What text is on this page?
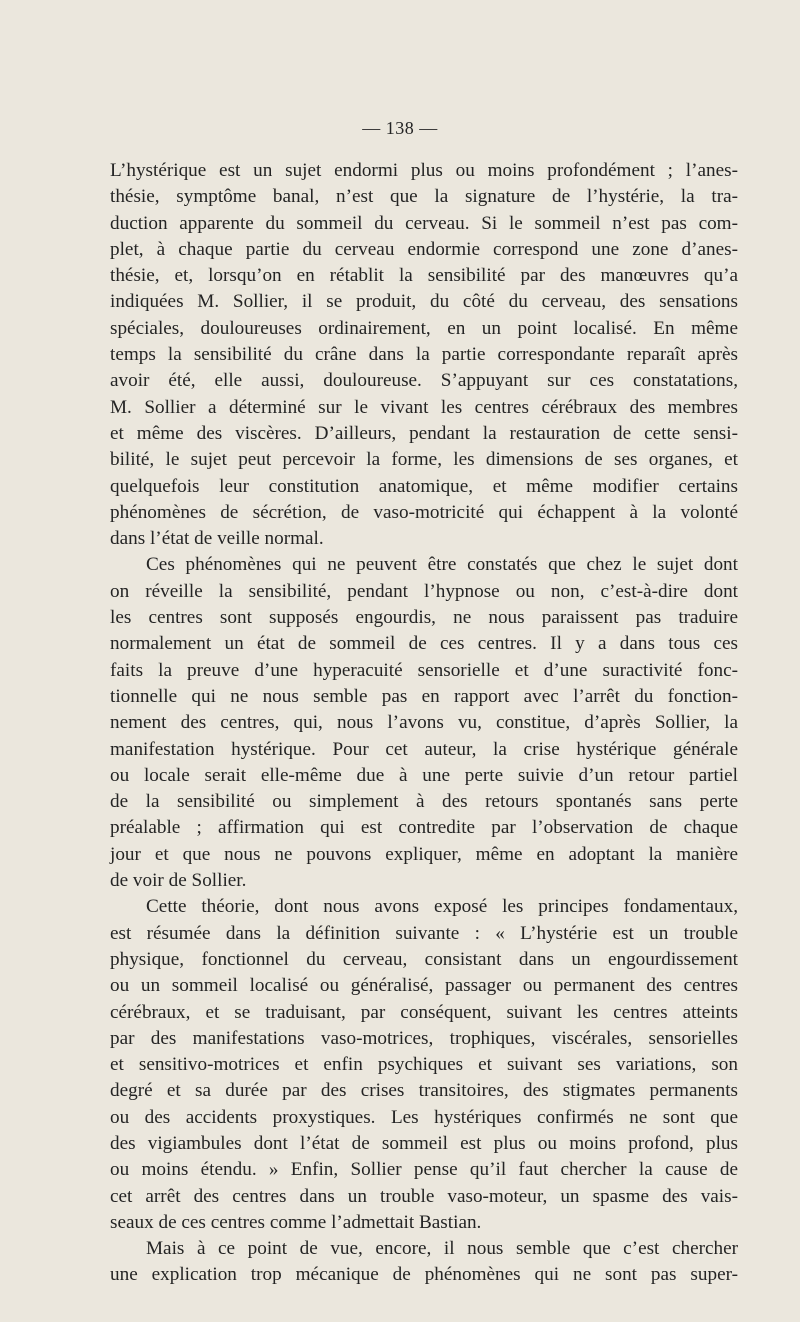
— 138 —
L’hystérique est un sujet endormi plus ou moins profondément ; l’anes-
thésie, symptôme banal, n’est que la signature de l’hystérie, la tra-
duction apparente du sommeil du cerveau. Si le sommeil n’est pas com-
plet, à chaque partie du cerveau endormie correspond une zone d’anes-
thésie, et, lorsqu’on en rétablit la sensibilité par des manœuvres qu’a
indiquées M. Sollier, il se produit, du côté du cerveau, des sensations
spéciales, douloureuses ordinairement, en un point localisé. En même
temps la sensibilité du crâne dans la partie correspondante reparaît après
avoir été, elle aussi, douloureuse. S’appuyant sur ces constatations,
M. Sollier a déterminé sur le vivant les centres cérébraux des membres
et même des viscères. D’ailleurs, pendant la restauration de cette sensi-
bilité, le sujet peut percevoir la forme, les dimensions de ses organes, et
quelquefois leur constitution anatomique, et même modifier certains
phénomènes de sécrétion, de vaso-motricité qui échappent à la volonté
dans l’état de veille normal.
Ces phénomènes qui ne peuvent être constatés que chez le sujet dont
on réveille la sensibilité, pendant l’hypnose ou non, c’est-à-dire dont
les centres sont supposés engourdis, ne nous paraissent pas traduire
normalement un état de sommeil de ces centres. Il y a dans tous ces
faits la preuve d’une hyperacuité sensorielle et d’une suractivité fonc-
tionnelle qui ne nous semble pas en rapport avec l’arrêt du fonction-
nement des centres, qui, nous l’avons vu, constitue, d’après Sollier, la
manifestation hystérique. Pour cet auteur, la crise hystérique générale
ou locale serait elle-même due à une perte suivie d’un retour partiel
de la sensibilité ou simplement à des retours spontanés sans perte
préalable ; affirmation qui est contredite par l’observation de chaque
jour et que nous ne pouvons expliquer, même en adoptant la manière
de voir de Sollier.
Cette théorie, dont nous avons exposé les principes fondamentaux,
est résumée dans la définition suivante : « L’hystérie est un trouble
physique, fonctionnel du cerveau, consistant dans un engourdissement
ou un sommeil localisé ou généralisé, passager ou permanent des centres
cérébraux, et se traduisant, par conséquent, suivant les centres atteints
par des manifestations vaso-motrices, trophiques, viscérales, sensorielles
et sensitivo-motrices et enfin psychiques et suivant ses variations, son
degré et sa durée par des crises transitoires, des stigmates permanents
ou des accidents proxystiques. Les hystériques confirmés ne sont que
des vigiambules dont l’état de sommeil est plus ou moins profond, plus
ou moins étendu. » Enfin, Sollier pense qu’il faut chercher la cause de
cet arrêt des centres dans un trouble vaso-moteur, un spasme des vais-
seaux de ces centres comme l’admettait Bastian.
Mais à ce point de vue, encore, il nous semble que c’est chercher
une explication trop mécanique de phénomènes qui ne sont pas super-
